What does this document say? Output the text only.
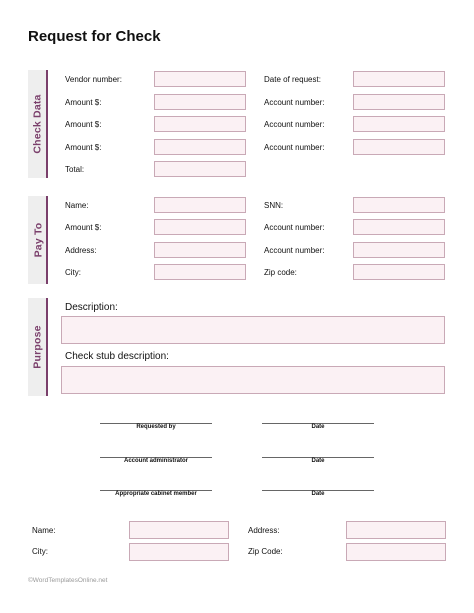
Request for Check
Check Data
Vendor number:	Date of request:
Amount $:	Account number:
Amount $:	Account number:
Amount $:	Account number:
Total:
Pay To
Name:	SNN:
Amount $:	Account number:
Address:	Account number:
City:	Zip code:
Purpose
Description:
Check stub description:
Requested by	Date
Account administrator	Date
Appropriate cabinet member	Date
Name:	Address:
City:	Zip Code:
©WordTemplatesOnline.net
